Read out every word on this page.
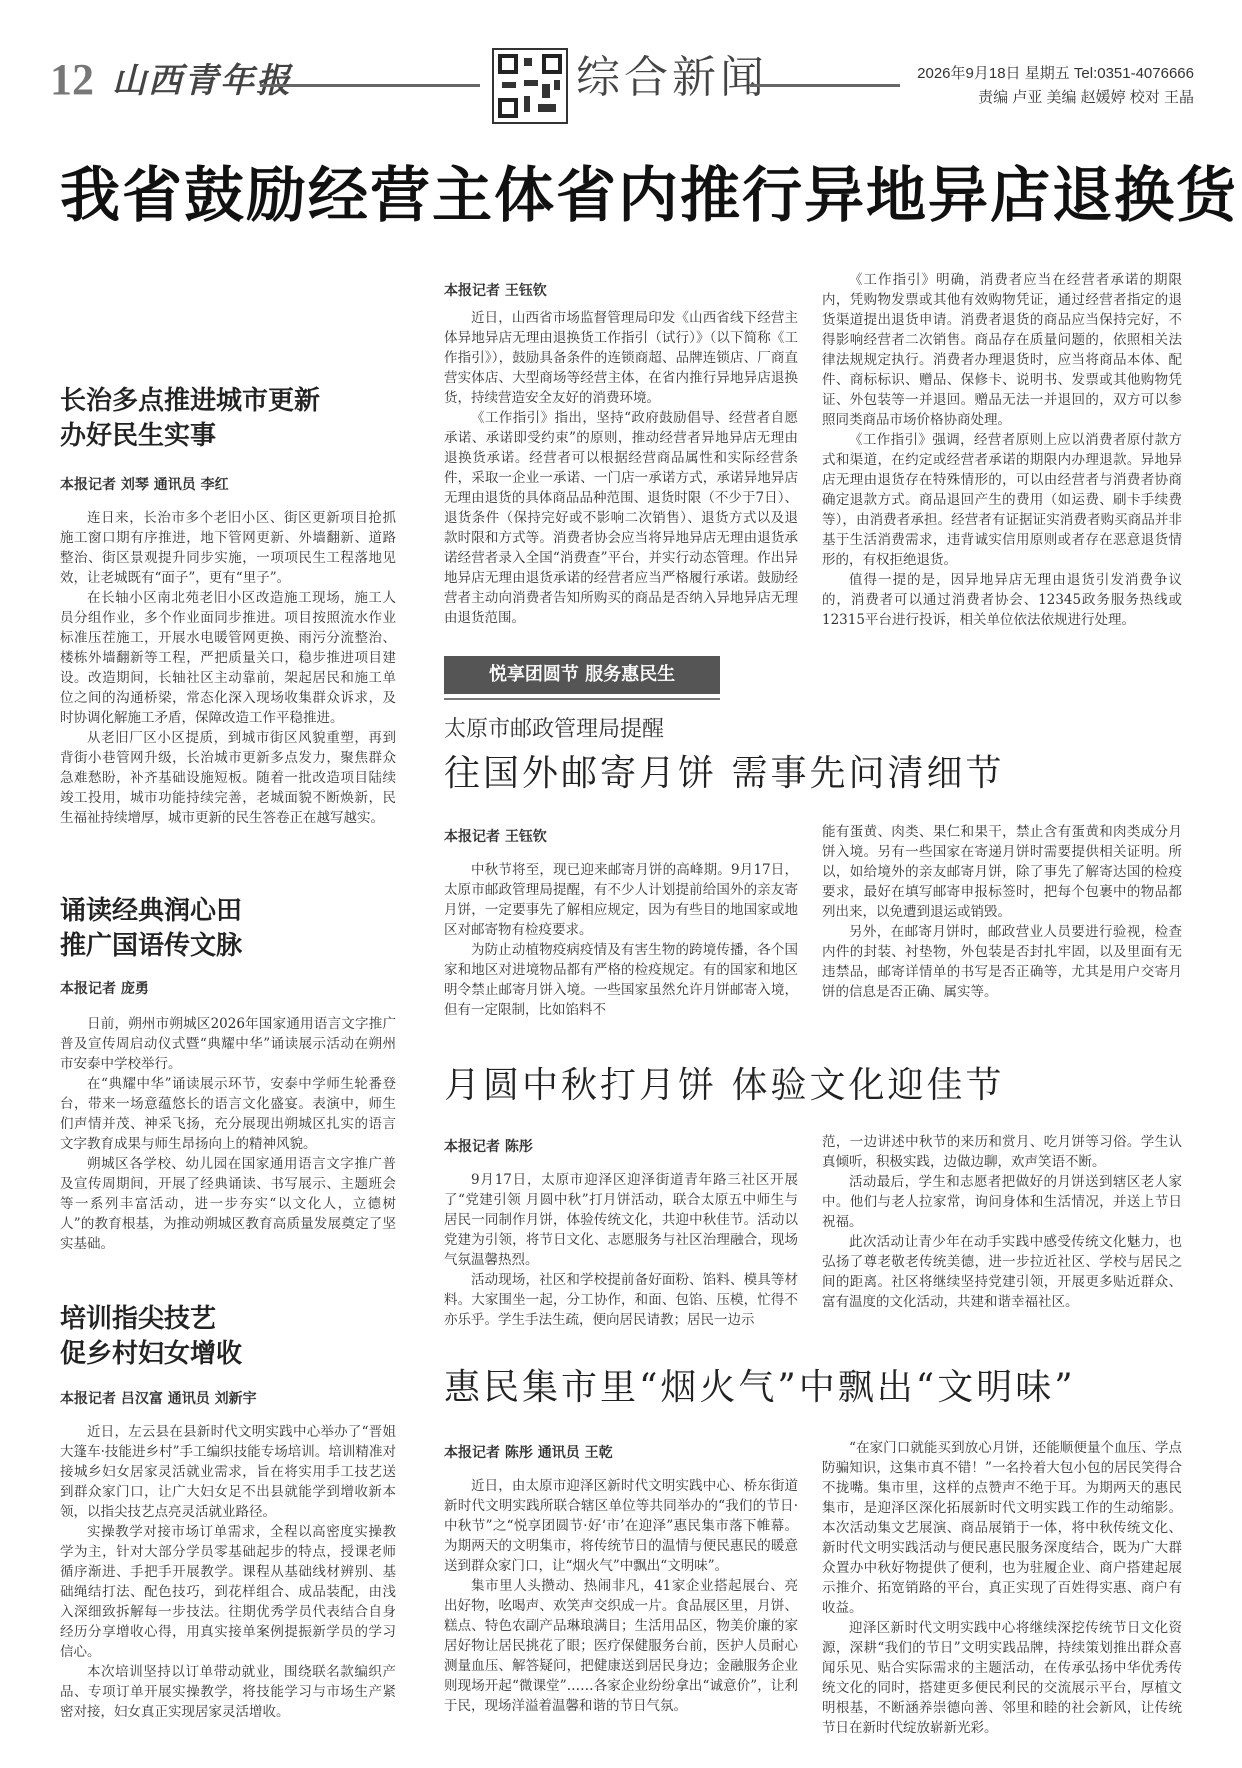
12 山西青年报	综合新闻	2026年9月18日 星期五 Tel:0351-4076666
责编 卢亚 美编 赵媛婷 校对 王晶
我省鼓励经营主体省内推行异地异店退换货
本报记者 王钰钦

近日，山西省市场监督管理局印发《山西省线下经营主体异地异店无理由退换货工作指引（试行）》（以下简称《工作指引》），鼓励具备条件的连锁商超、品牌连锁店、厂商直营实体店、大型商场等经营主体，在省内推行异地异店退换货，持续营造安全友好的消费环境。

《工作指引》指出，坚持“政府鼓励倡导、经营者自愿承诺、承诺即受约束”的原则，推动经营者异地异店无理由退换货承诺。经营者可以根据经营商品属性和实际经营条件，采取一企业一承诺、一门店一承诺方式，承诺异地异店无理由退货的具体商品品种范围、退货时限（不少于7日）、退货条件（保持完好或不影响二次销售）、退货方式以及退款时限和方式等。消费者协会应当将异地异店无理由退货承诺经营者录入全国“消费查”平台，并实行动态管理。作出异地异店无理由退货承诺的经营者应当严格履行承诺。鼓励经营者主动向消费者告知所购买的商品是否纳入异地异店无理由退货范围。

《工作指引》明确，消费者应当在经营者承诺的期限内，凭购物发票或其他有效购物凭证，通过经营者指定的退货渠道提出退货申请。消费者退货的商品应当保持完好，不得影响经营者二次销售。商品存在质量问题的，依照相关法律法规规定执行。消费者办理退货时，应当将商品本体、配件、商标标识、赠品、保修卡、说明书、发票或其他购物凭证、外包装等一并退回。赠品无法一并退回的，双方可以参照同类商品市场价格协商处理。

《工作指引》强调，经营者原则上应以消费者原付款方式和渠道，在约定或经营者承诺的期限内办理退款。异地异店无理由退货存在特殊情形的，可以由经营者与消费者协商确定退款方式。商品退回产生的费用（如运费、刷卡手续费等），由消费者承担。经营者有证据证实消费者购买商品并非基于生活消费需求，违背诚实信用原则或者存在恶意退货情形的，有权拒绝退货。

值得一提的是，因异地异店无理由退货引发消费争议的，消费者可以通过消费者协会、12345政务服务热线或12315平台进行投诉，相关单位依法依规进行处理。

长治多点推进城市更新
办好民生实事
本报记者 刘琴 通讯员 李红

连日来，长治市多个老旧小区、街区更新项目抢抓施工窗口期有序推进，地下管网更新、外墙翻新、道路整治、街区景观提升同步实施，一项项民生工程落地见效，让老城既有“面子”，更有“里子”。

在长轴小区南北苑老旧小区改造施工现场，施工人员分组作业，多个作业面同步推进。项目按照流水作业标准压茬施工，开展水电暖管网更换、雨污分流整治、楼栋外墙翻新等工程，严把质量关口，稳步推进项目建设。改造期间，长轴社区主动靠前，架起居民和施工单位之间的沟通桥梁，常态化深入现场收集群众诉求，及时协调化解施工矛盾，保障改造工作平稳推进。

从老旧厂区小区提质，到城市街区风貌重塑，再到背街小巷管网升级，长治城市更新多点发力，聚焦群众急难愁盼，补齐基础设施短板。随着一批改造项目陆续竣工投用，城市功能持续完善，老城面貌不断焕新，民生福祉持续增厚，城市更新的民生答卷正在越写越实。

诵读经典润心田
推广国语传文脉
本报记者 庞勇

日前，朔州市朔城区2026年国家通用语言文字推广普及宣传周启动仪式暨“典耀中华”诵读展示活动在朔州市安泰中学校举行。

在“典耀中华”诵读展示环节，安泰中学师生轮番登台，带来一场意蕴悠长的语言文化盛宴。表演中，师生们声情并茂、神采飞扬，充分展现出朔城区扎实的语言文字教育成果与师生昂扬向上的精神风貌。

朔城区各学校、幼儿园在国家通用语言文字推广普及宣传周期间，开展了经典诵读、书写展示、主题班会等一系列丰富活动，进一步夯实“以文化人，立德树人”的教育根基，为推动朔城区教育高质量发展奠定了坚实基础。

培训指尖技艺
促乡村妇女增收
本报记者 吕汉富 通讯员 刘新宇

近日，左云县在县新时代文明实践中心举办了“晋姐大篷车·技能进乡村”手工编织技能专场培训。培训精准对接城乡妇女居家灵活就业需求，旨在将实用手工技艺送到群众家门口，让广大妇女足不出县就能学到增收新本领，以指尖技艺点亮灵活就业路径。

实操教学对接市场订单需求，全程以高密度实操教学为主，针对大部分学员零基础起步的特点，授课老师循序渐进、手把手开展教学。课程从基础线材辨别、基础绳结打法、配色技巧，到花样组合、成品装配，由浅入深细致拆解每一步技法。往期优秀学员代表结合自身经历分享增收心得，用真实接单案例提振新学员的学习信心。

本次培训坚持以订单带动就业，围绕联名款编织产品、专项订单开展实操教学，将技能学习与市场生产紧密对接，妇女真正实现居家灵活增收。

悦享团圆节 服务惠民生
太原市邮政管理局提醒
往国外邮寄月饼 需事先问清细节
本报记者 王钰钦

中秋节将至，现已迎来邮寄月饼的高峰期。9月17日，太原市邮政管理局提醒，有不少人计划提前给国外的亲友寄月饼，一定要事先了解相应规定，因为有些目的地国家或地区对邮寄物有检疫要求。

为防止动植物疫病疫情及有害生物的跨境传播，各个国家和地区对进境物品都有严格的检疫规定。有的国家和地区明令禁止邮寄月饼入境。一些国家虽然允许月饼邮寄入境，但有一定限制，比如馅料不

能有蛋黄、肉类、果仁和果干，禁止含有蛋黄和肉类成分月饼入境。另有一些国家在寄递月饼时需要提供相关证明。所以，如给境外的亲友邮寄月饼，除了事先了解寄达国的检疫要求，最好在填写邮寄申报标签时，把每个包裹中的物品都列出来，以免遭到退运或销毁。

另外，在邮寄月饼时，邮政营业人员要进行验视，检查内件的封装、衬垫物，外包装是否封扎牢固，以及里面有无违禁品，邮寄详情单的书写是否正确等，尤其是用户交寄月饼的信息是否正确、属实等。

月圆中秋打月饼 体验文化迎佳节
本报记者 陈彤

9月17日，太原市迎泽区迎泽街道青年路三社区开展了“党建引领 月圆中秋”打月饼活动，联合太原五中师生与居民一同制作月饼，体验传统文化，共迎中秋佳节。活动以党建为引领，将节日文化、志愿服务与社区治理融合，现场气氛温馨热烈。

活动现场，社区和学校提前备好面粉、馅料、模具等材料。大家围坐一起，分工协作，和面、包馅、压模，忙得不亦乐乎。学生手法生疏，便向居民请教；居民一边示

范，一边讲述中秋节的来历和赏月、吃月饼等习俗。学生认真倾听，积极实践，边做边聊，欢声笑语不断。

活动最后，学生和志愿者把做好的月饼送到辖区老人家中。他们与老人拉家常，询问身体和生活情况，并送上节日祝福。

此次活动让青少年在动手实践中感受传统文化魅力，也弘扬了尊老敬老传统美德，进一步拉近社区、学校与居民之间的距离。社区将继续坚持党建引领，开展更多贴近群众、富有温度的文化活动，共建和谐幸福社区。

惠民集市里“烟火气”中飘出“文明味”
本报记者 陈彤 通讯员 王乾

近日，由太原市迎泽区新时代文明实践中心、桥东街道新时代文明实践所联合辖区单位等共同举办的“我们的节日·中秋节”之“悦享团圆节·好‘市’在迎泽”惠民集市落下帷幕。为期两天的文明集市，将传统节日的温情与便民惠民的暖意送到群众家门口，让“烟火气”中飘出“文明味”。

集市里人头攒动、热闹非凡，41家企业搭起展台、亮出好物，吆喝声、欢笑声交织成一片。食品展区里，月饼、糕点、特色农副产品琳琅满目；生活用品区，物美价廉的家居好物让居民挑花了眼；医疗保健服务台前，医护人员耐心测量血压、解答疑问，把健康送到居民身边；金融服务企业则现场开起“微课堂”……各家企业纷纷拿出“诚意价”，让利于民，现场洋溢着温馨和谐的节日气氛。

“在家门口就能买到放心月饼，还能顺便量个血压、学点防骗知识，这集市真不错！”一名拎着大包小包的居民笑得合不拢嘴。集市里，这样的点赞声不绝于耳。为期两天的惠民集市，是迎泽区深化拓展新时代文明实践工作的生动缩影。本次活动集文艺展演、商品展销于一体，将中秋传统文化、新时代文明实践活动与便民惠民服务深度结合，既为广大群众置办中秋好物提供了便利，也为驻履企业、商户搭建起展示推介、拓宽销路的平台，真正实现了百姓得实惠、商户有收益。

迎泽区新时代文明实践中心将继续深挖传统节日文化资源，深耕“我们的节日”文明实践品牌，持续策划推出群众喜闻乐见、贴合实际需求的主题活动，在传承弘扬中华优秀传统文化的同时，搭建更多便民利民的交流展示平台，厚植文明根基，不断涵养崇德向善、邻里和睦的社会新风，让传统节日在新时代绽放崭新光彩。
